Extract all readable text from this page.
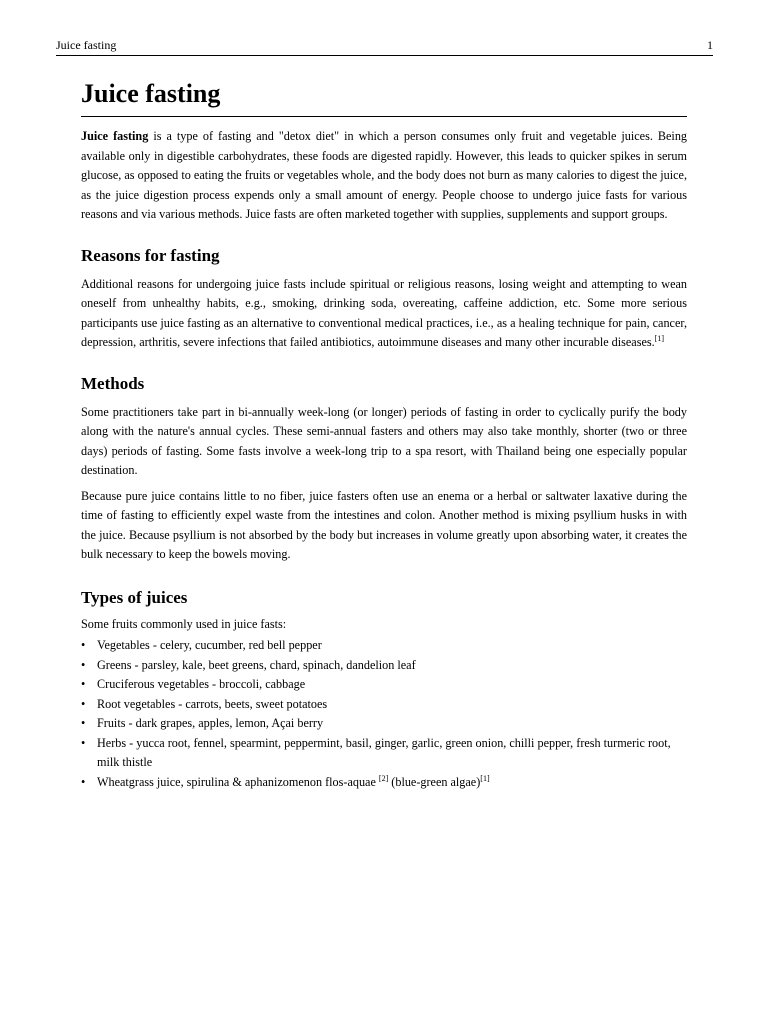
Juice fasting	1
Juice fasting

Juice fasting is a type of fasting and "detox diet" in which a person consumes only fruit and vegetable juices. Being available only in digestible carbohydrates, these foods are digested rapidly. However, this leads to quicker spikes in serum glucose, as opposed to eating the fruits or vegetables whole, and the body does not burn as many calories to digest the juice, as the juice digestion process expends only a small amount of energy. People choose to undergo juice fasts for various reasons and via various methods. Juice fasts are often marketed together with supplies, supplements and support groups.

Reasons for fasting

Additional reasons for undergoing juice fasts include spiritual or religious reasons, losing weight and attempting to wean oneself from unhealthy habits, e.g., smoking, drinking soda, overeating, caffeine addiction, etc. Some more serious participants use juice fasting as an alternative to conventional medical practices, i.e., as a healing technique for pain, cancer, depression, arthritis, severe infections that failed antibiotics, autoimmune diseases and many other incurable diseases.[1]

Methods

Some practitioners take part in bi-annually week-long (or longer) periods of fasting in order to cyclically purify the body along with the nature's annual cycles. These semi-annual fasters and others may also take monthly, shorter (two or three days) periods of fasting. Some fasts involve a week-long trip to a spa resort, with Thailand being one especially popular destination.

Because pure juice contains little to no fiber, juice fasters often use an enema or a herbal or saltwater laxative during the time of fasting to efficiently expel waste from the intestines and colon. Another method is mixing psyllium husks in with the juice. Because psyllium is not absorbed by the body but increases in volume greatly upon absorbing water, it creates the bulk necessary to keep the bowels moving.

Types of juices

Some fruits commonly used in juice fasts:

• Vegetables - celery, cucumber, red bell pepper
• Greens - parsley, kale, beet greens, chard, spinach, dandelion leaf
• Cruciferous vegetables - broccoli, cabbage
• Root vegetables - carrots, beets, sweet potatoes
• Fruits - dark grapes, apples, lemon, Açai berry
• Herbs - yucca root, fennel, spearmint, peppermint, basil, ginger, garlic, green onion, chilli pepper, fresh turmeric root, milk thistle
• Wheatgrass juice, spirulina & aphanizomenon flos-aquae [2] (blue-green algae)[1]
